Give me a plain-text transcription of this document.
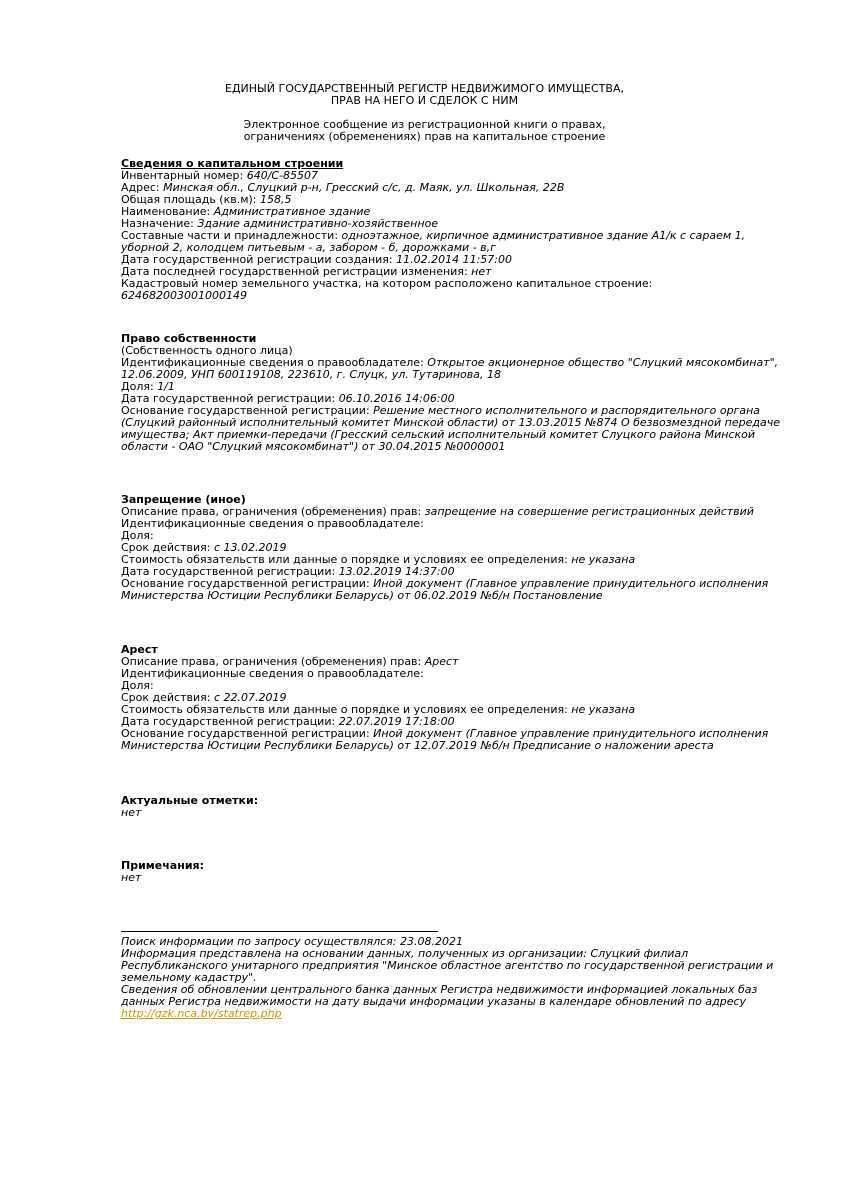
ЕДИНЫЙ ГОСУДАРСТВЕННЫЙ РЕГИСТР НЕДВИЖИМОГО ИМУЩЕСТВА,
ПРАВ НА НЕГО И СДЕЛОК С НИМ
Электронное сообщение из регистрационной книги о правах,
ограничениях (обременениях) прав на капитальное строение
Сведения о капитальном строении
Инвентарный номер: 640/C-85507
Адрес: Минская обл., Слуцкий р-н, Гресский с/с, д. Маяк, ул. Школьная, 22В
Общая площадь (кв.м): 158,5
Наименование: Административное здание
Назначение: Здание административно-хозяйственное
Составные части и принадлежности: одноэтажное, кирпичное административное здание А1/к с сараем 1, уборной 2, колодцем питьевым - а, забором - б, дорожками - в,г
Дата государственной регистрации создания: 11.02.2014 11:57:00
Дата последней государственной регистрации изменения: нет
Кадастровый номер земельного участка, на котором расположено капитальное строение: 624682003001000149
Право собственности
(Собственность одного лица)
Идентификационные сведения о правообладателе: Открытое акционерное общество "Слуцкий мясокомбинат", 12.06.2009, УНП 600119108, 223610, г. Слуцк, ул. Тутаринова, 18
Доля: 1/1
Дата государственной регистрации: 06.10.2016 14:06:00
Основание государственной регистрации: Решение местного исполнительного и распорядительного органа (Слуцкий районный исполнительный комитет Минской области) от 13.03.2015 №874 О безвозмездной передаче имущества; Акт приемки-передачи (Гресский сельский исполнительный комитет Слуцкого района Минской области - ОАО "Слуцкий мясокомбинат") от 30.04.2015 №0000001
Запрещение (иное)
Описание права, ограничения (обременения) прав: запрещение на совершение регистрационных действий
Идентификационные сведения о правообладателе:
Доля:
Срок действия: с 13.02.2019
Стоимость обязательств или данные о порядке и условиях ее определения: не указана
Дата государственной регистрации: 13.02.2019 14:37:00
Основание государственной регистрации: Иной документ (Главное управление принудительного исполнения Министерства Юстиции Республики Беларусь) от 06.02.2019 №б/н Постановление
Арест
Описание права, ограничения (обременения) прав: Арест
Идентификационные сведения о правообладателе:
Доля:
Срок действия: с 22.07.2019
Стоимость обязательств или данные о порядке и условиях ее определения: не указана
Дата государственной регистрации: 22.07.2019 17:18:00
Основание государственной регистрации: Иной документ (Главное управление принудительного исполнения Министерства Юстиции Республики Беларусь) от 12.07.2019 №б/н Предписание о наложении ареста
Актуальные отметки:
нет
Примечания:
нет
Поиск информации по запросу осуществлялся: 23.08.2021
Информация представлена на основании данных, полученных из организации: Слуцкий филиал Республиканского унитарного предприятия "Минское областное агентство по государственной регистрации и земельному кадастру".
Сведения об обновлении центрального банка данных Регистра недвижимости информацией локальных баз данных Регистра недвижимости на дату выдачи информации указаны в календаре обновлений по адресу http://gzk.nca.by/statrep.php
